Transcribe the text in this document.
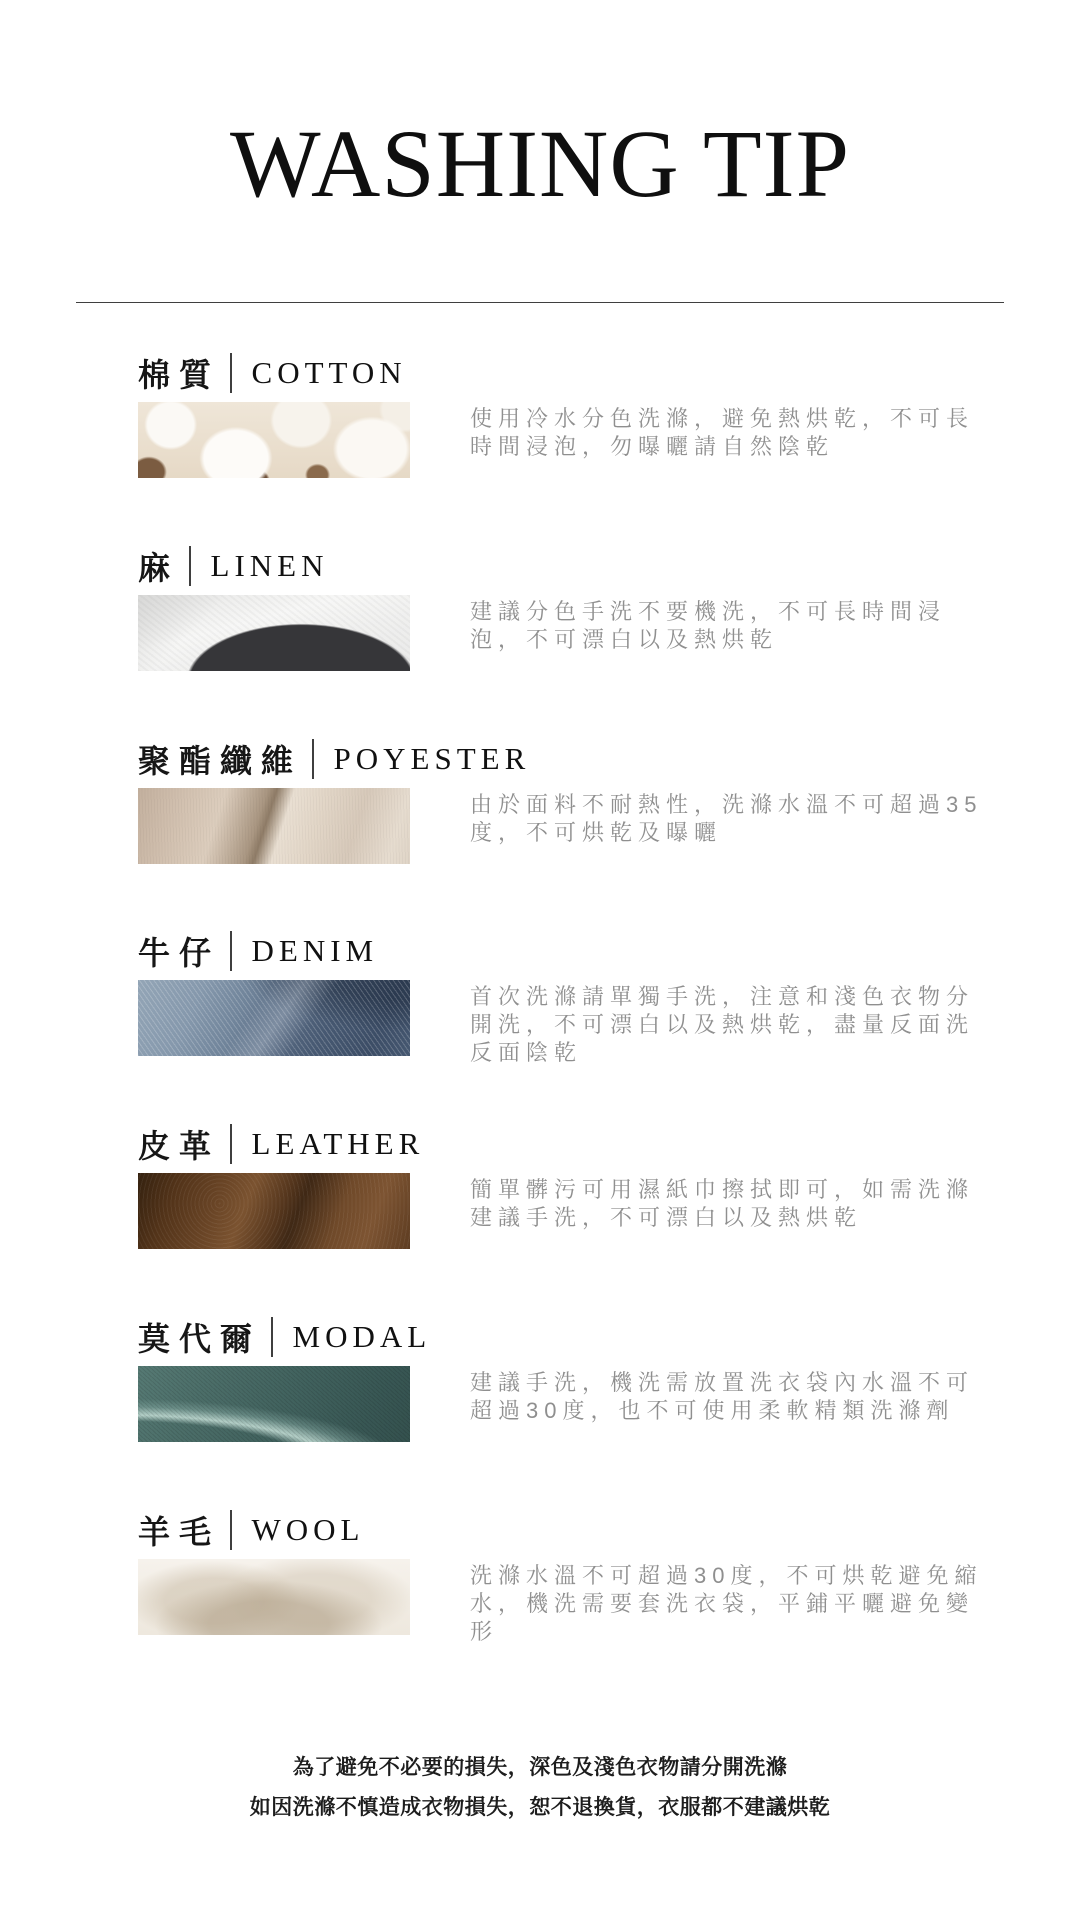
WASHING TIP
棉質 COTTON
使用冷水分色洗滌，避免熱烘乾，不可長
時間浸泡，勿曝曬請自然陰乾
麻 LINEN
建議分色手洗不要機洗，不可長時間浸
泡，不可漂白以及熱烘乾
聚酯纖維 POYESTER
由於面料不耐熱性，洗滌水溫不可超過35
度，不可烘乾及曝曬
牛仔 DENIM
首次洗滌請單獨手洗，注意和淺色衣物分
開洗，不可漂白以及熱烘乾，盡量反面洗
反面陰乾
皮革 LEATHER
簡單髒污可用濕紙巾擦拭即可，如需洗滌
建議手洗，不可漂白以及熱烘乾
莫代爾 MODAL
建議手洗，機洗需放置洗衣袋內水溫不可
超過30度，也不可使用柔軟精類洗滌劑
羊毛 WOOL
洗滌水溫不可超過30度，不可烘乾避免縮
水，機洗需要套洗衣袋，平鋪平曬避免變
形
為了避免不必要的損失，深色及淺色衣物請分開洗滌
如因洗滌不慎造成衣物損失，恕不退換貨，衣服都不建議烘乾
